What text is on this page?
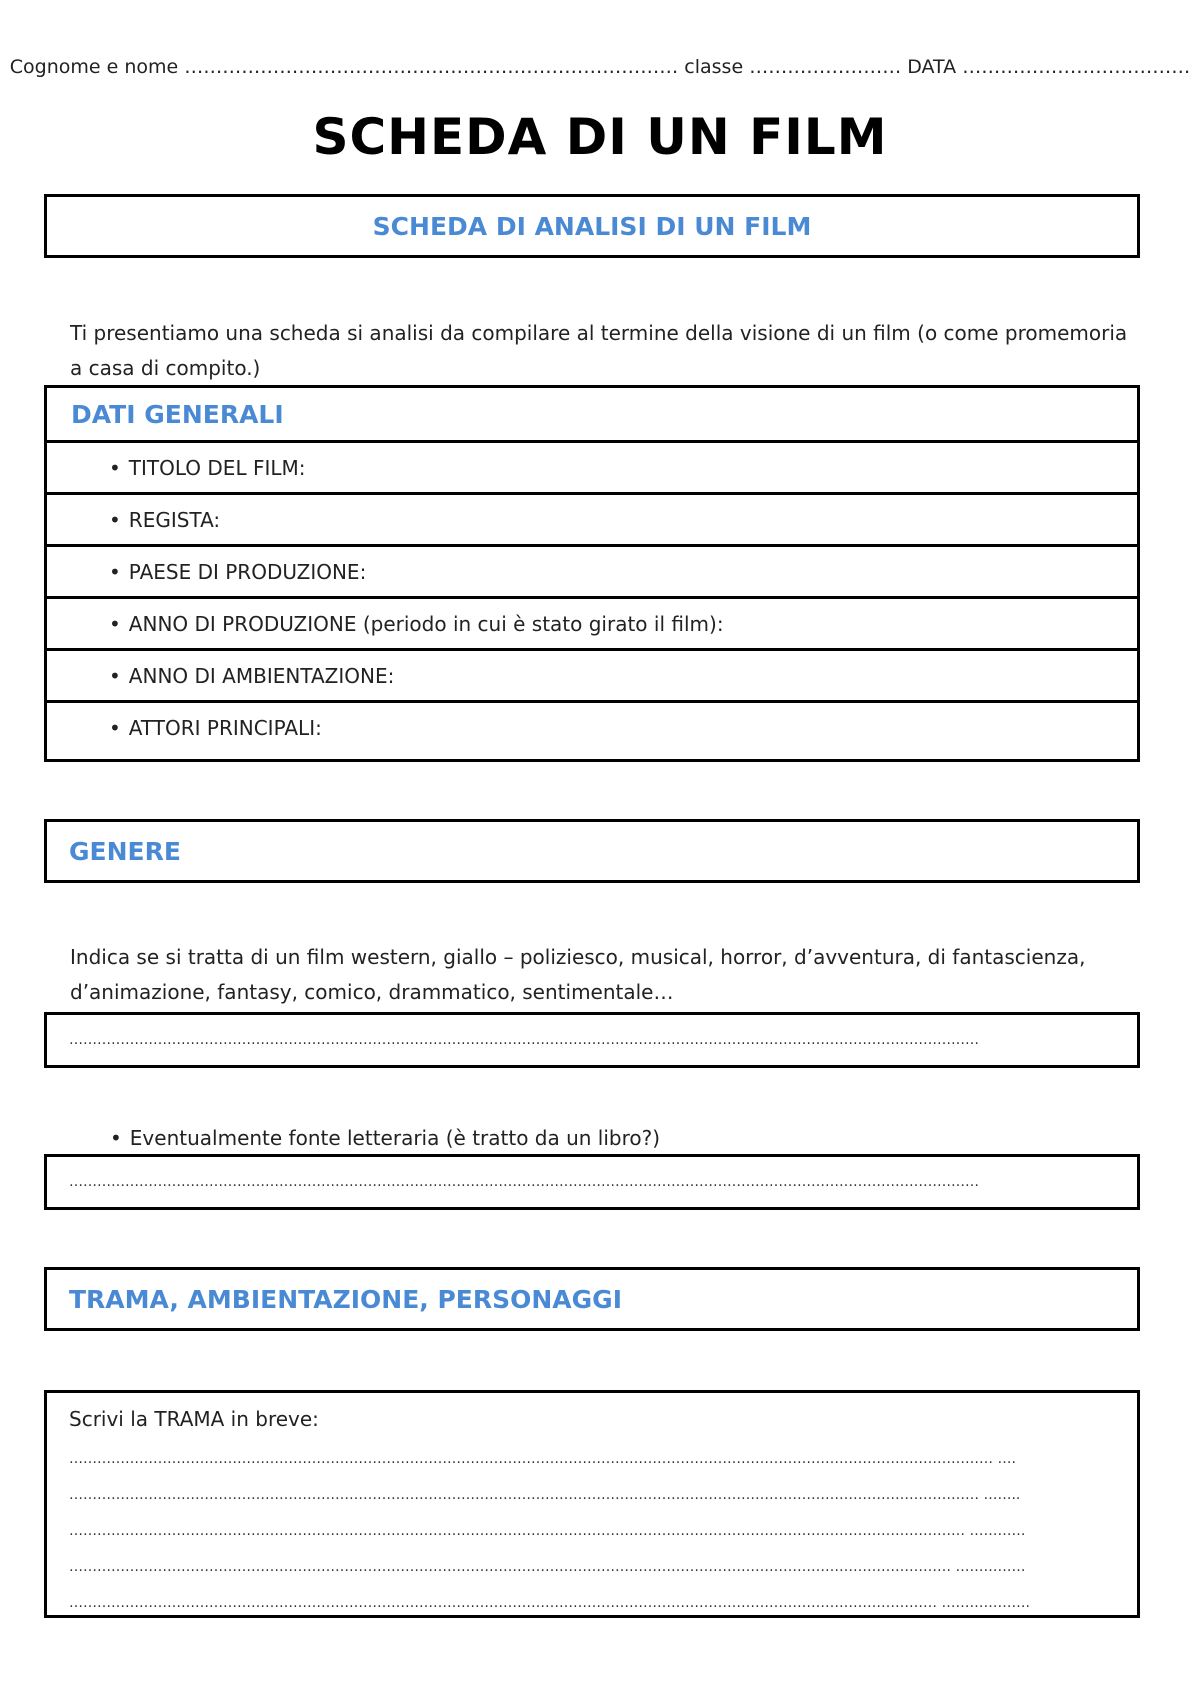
Cognome e nome …………………………………………………………………… classe …………………… DATA ………………………………
SCHEDA DI UN FILM
SCHEDA DI ANALISI DI UN FILM
Ti presentiamo una scheda si analisi da compilare al termine della visione di un film (o come promemoria a casa di compito.)
DATI GENERALI
• TITOLO DEL FILM:
• REGISTA:
• PAESE DI PRODUZIONE:
• ANNO DI PRODUZIONE (periodo in cui è stato girato il film):
• ANNO DI AMBIENTAZIONE:
• ATTORI PRINCIPALI:
GENERE
Indica se si tratta di un film western, giallo – poliziesco, musical, horror, d’avventura, di fantascienza, d’animazione, fantasy, comico, drammatico, sentimentale…
……………………………………………………………………………………………………………………………………………………………………………
• Eventualmente fonte letteraria (è tratto da un libro?)
……………………………………………………………………………………………………………………………………………………………………………
TRAMA, AMBIENTAZIONE, PERSONAGGI
Scrivi la TRAMA in breve:
……………………………………………………………………………………………………………………………………………………………………………… ….
…………………………………………………………………………………………………………………………………………………………………………… ……..
………………………………………………………………………………………………………………………………………………………………………… …………
……………………………………………………………………………………………………………………………………………………………………… ……………
…………………………………………………………………………………………………………………………………………………………………… ……………….
